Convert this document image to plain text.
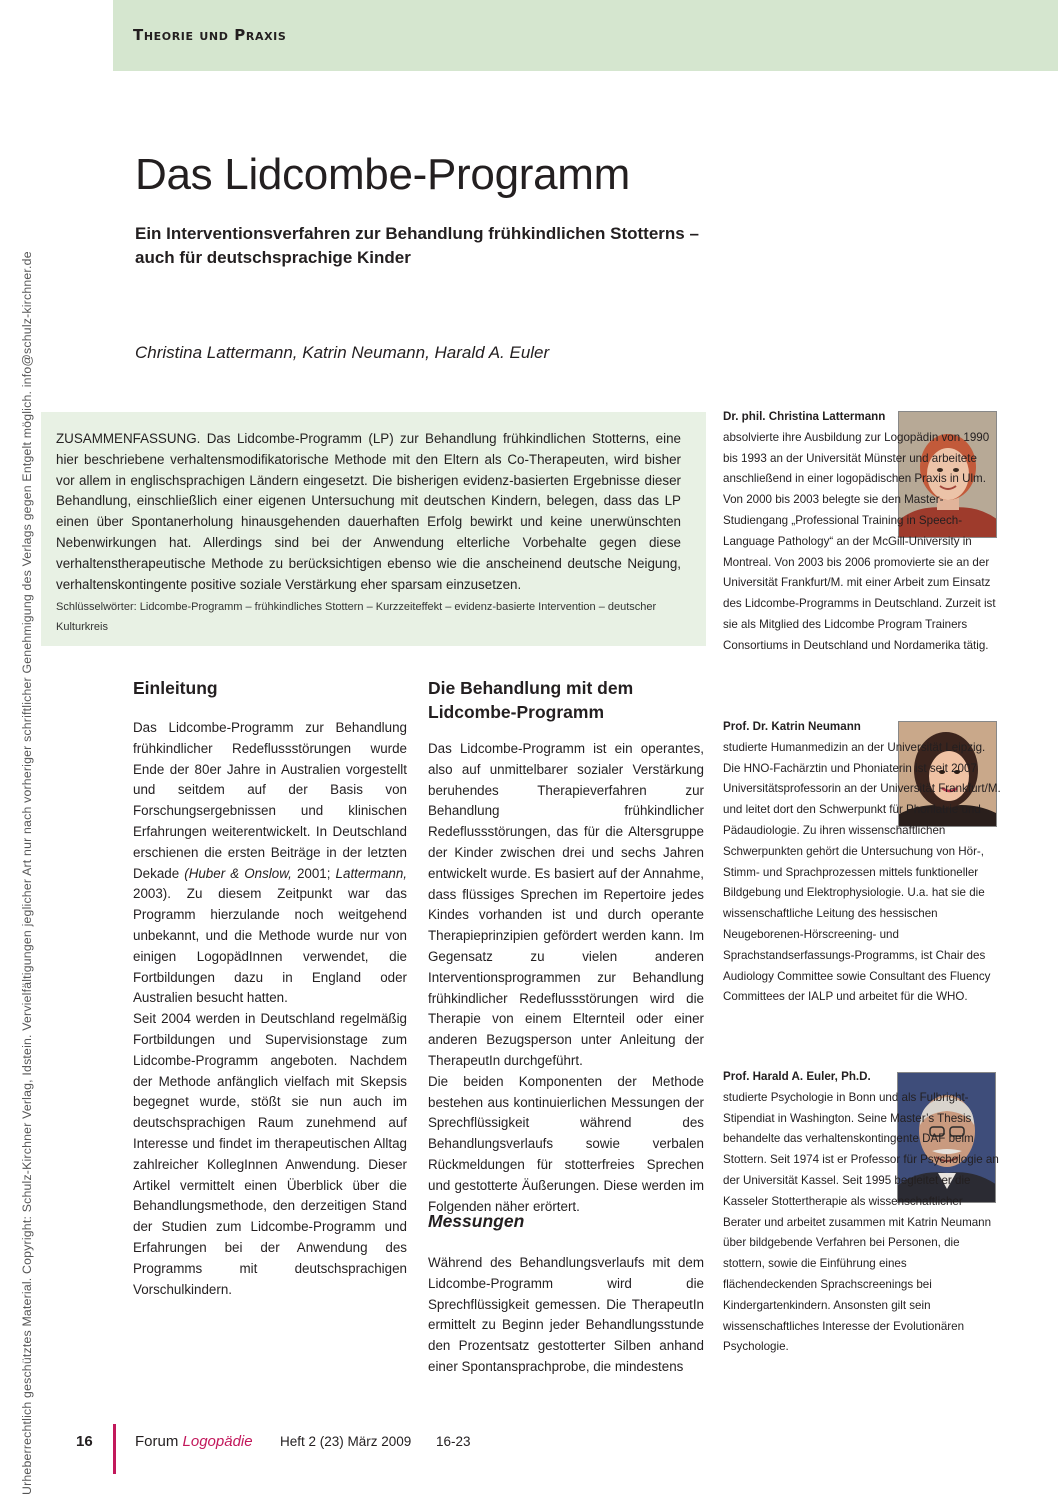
Urheberrechtlich geschütztes Material. Copyright: Schulz-Kirchner Verlag, Idstein. Vervielfältigungen jeglicher Art nur nach vorheriger schriftlicher Genehmigung des Verlags gegen Entgelt möglich. info@schulz-kirchner.de
Theorie und Praxis
Das Lidcombe-Programm
Ein Interventionsverfahren zur Behandlung frühkindlichen Stotterns – auch für deutschsprachige Kinder
Christina Lattermann, Katrin Neumann, Harald A. Euler
ZUSAMMENFASSUNG. Das Lidcombe-Programm (LP) zur Behandlung frühkindlichen Stotterns, eine hier beschriebene verhaltensmodifikatorische Methode mit den Eltern als Co-Therapeuten, wird bisher vor allem in englischsprachigen Ländern eingesetzt. Die bisherigen evidenz-basierten Ergebnisse dieser Behandlung, einschließlich einer eigenen Untersuchung mit deutschen Kindern, belegen, dass das LP einen über Spontanerholung hinausgehenden dauerhaften Erfolg bewirkt und keine unerwünschten Nebenwirkungen hat. Allerdings sind bei der Anwendung elterliche Vorbehalte gegen diese verhaltenstherapeutische Methode zu berücksichtigen ebenso wie die anscheinend deutsche Neigung, verhaltenskontingente positive soziale Verstärkung eher sparsam einzusetzen.
Schlüsselwörter: Lidcombe-Programm – frühkindliches Stottern – Kurzzeiteffekt – evidenz-basierte Intervention – deutscher Kulturkreis
Einleitung

Das Lidcombe-Programm zur Behandlung frühkindlicher Redeflussstörungen wurde Ende der 80er Jahre in Australien vorgestellt und seitdem auf der Basis von Forschungsergebnissen und klinischen Erfahrungen weiterentwickelt. In Deutschland erschienen die ersten Beiträge in der letzten Dekade (Huber & Onslow, 2001; Lattermann, 2003). Zu diesem Zeitpunkt war das Programm hierzulande noch weitgehend unbekannt, und die Methode wurde nur von einigen LogopädInnen verwendet, die Fortbildungen dazu in England oder Australien besucht hatten.

Seit 2004 werden in Deutschland regelmäßig Fortbildungen und Supervisionstage zum Lidcombe-Programm angeboten. Nachdem der Methode anfänglich vielfach mit Skepsis begegnet wurde, stößt sie nun auch im deutschsprachigen Raum zunehmend auf Interesse und findet im therapeutischen Alltag zahlreicher KollegInnen Anwendung. Dieser Artikel vermittelt einen Überblick über die Behandlungsmethode, den derzeitigen Stand der Studien zum Lidcombe-Programm und Erfahrungen bei der Anwendung des Programms mit deutschsprachigen Vorschulkindern.

Die Behandlung mit dem Lidcombe-Programm

Das Lidcombe-Programm ist ein operantes, also auf unmittelbarer sozialer Verstärkung beruhendes Therapieverfahren zur Behandlung frühkindlicher Redeflussstörungen, das für die Altersgruppe der Kinder zwischen drei und sechs Jahren entwickelt wurde. Es basiert auf der Annahme, dass flüssiges Sprechen im Repertoire jedes Kindes vorhanden ist und durch operante Therapieprinzipien gefördert werden kann. Im Gegensatz zu vielen anderen Interventionsprogrammen zur Behandlung frühkindlicher Redeflussstörungen wird die Therapie von einem Elternteil oder einer anderen Bezugsperson unter Anleitung der TherapeutIn durchgeführt.

Die beiden Komponenten der Methode bestehen aus kontinuierlichen Messungen der Sprechflüssigkeit während des Behandlungsverlaufs sowie verbalen Rückmeldungen für stotterfreies Sprechen und gestotterte Äußerungen. Diese werden im Folgenden näher erörtert.

Messungen

Während des Behandlungsverlaufs mit dem Lidcombe-Programm wird die Sprechflüssigkeit gemessen. Die TherapeutIn ermittelt zu Beginn jeder Behandlungsstunde den Prozentsatz gestotterter Silben anhand einer Spontansprachprobe, die mindestens

Dr. phil. Christina Lattermann
absolvierte ihre Ausbildung zur Logopädin von 1990 bis 1993 an der Universität Münster und arbeitete anschließend in einer logopädischen Praxis in Ulm. Von 2000 bis 2003 belegte sie den Master-Studiengang „Professional Training in Speech-Language Pathology“ an der McGill-University in Montreal. Von 2003 bis 2006 promovierte sie an der Universität Frankfurt/M. mit einer Arbeit zum Einsatz des Lidcombe-Programms in Deutschland. Zurzeit ist sie als Mitglied des Lidcombe Program Trainers Consortiums in Deutschland und Nordamerika tätig.
Prof. Dr. Katrin Neumann
studierte Humanmedizin an der Universität Leipzig. Die HNO-Fachärztin und Phoniaterin ist seit 2007 Universitätsprofessorin an der Universität Frankfurt/M. und leitet dort den Schwerpunkt für Phoniatrie und Pädaudiologie. Zu ihren wissenschaftlichen Schwerpunkten gehört die Untersuchung von Hör-, Stimm- und Sprachprozessen mittels funktioneller Bildgebung und Elektrophysiologie. U.a. hat sie die wissenschaftliche Leitung des hessischen Neugeborenen-Hörscreening- und Sprachstandserfassungs-Programms, ist Chair des Audiology Committee sowie Consultant des Fluency Committees der IALP und arbeitet für die WHO.
Prof. Harald A. Euler, Ph.D.
studierte Psychologie in Bonn und als Fulbright-Stipendiat in Washington. Seine Master’s Thesis behandelte das verhaltenskontingente DAF beim Stottern. Seit 1974 ist er Professor für Psychologie an der Universität Kassel. Seit 1995 begleitet er die Kasseler Stottertherapie als wissenschaftlicher Berater und arbeitet zusammen mit Katrin Neumann über bildgebende Verfahren bei Personen, die stottern, sowie die Einführung eines flächendeckenden Sprachscreenings bei Kindergartenkindern. Ansonsten gilt sein wissenschaftliches Interesse der Evolutionären Psychologie.
16	Forum Logopädie Heft 2 (23) März 2009 16-23
